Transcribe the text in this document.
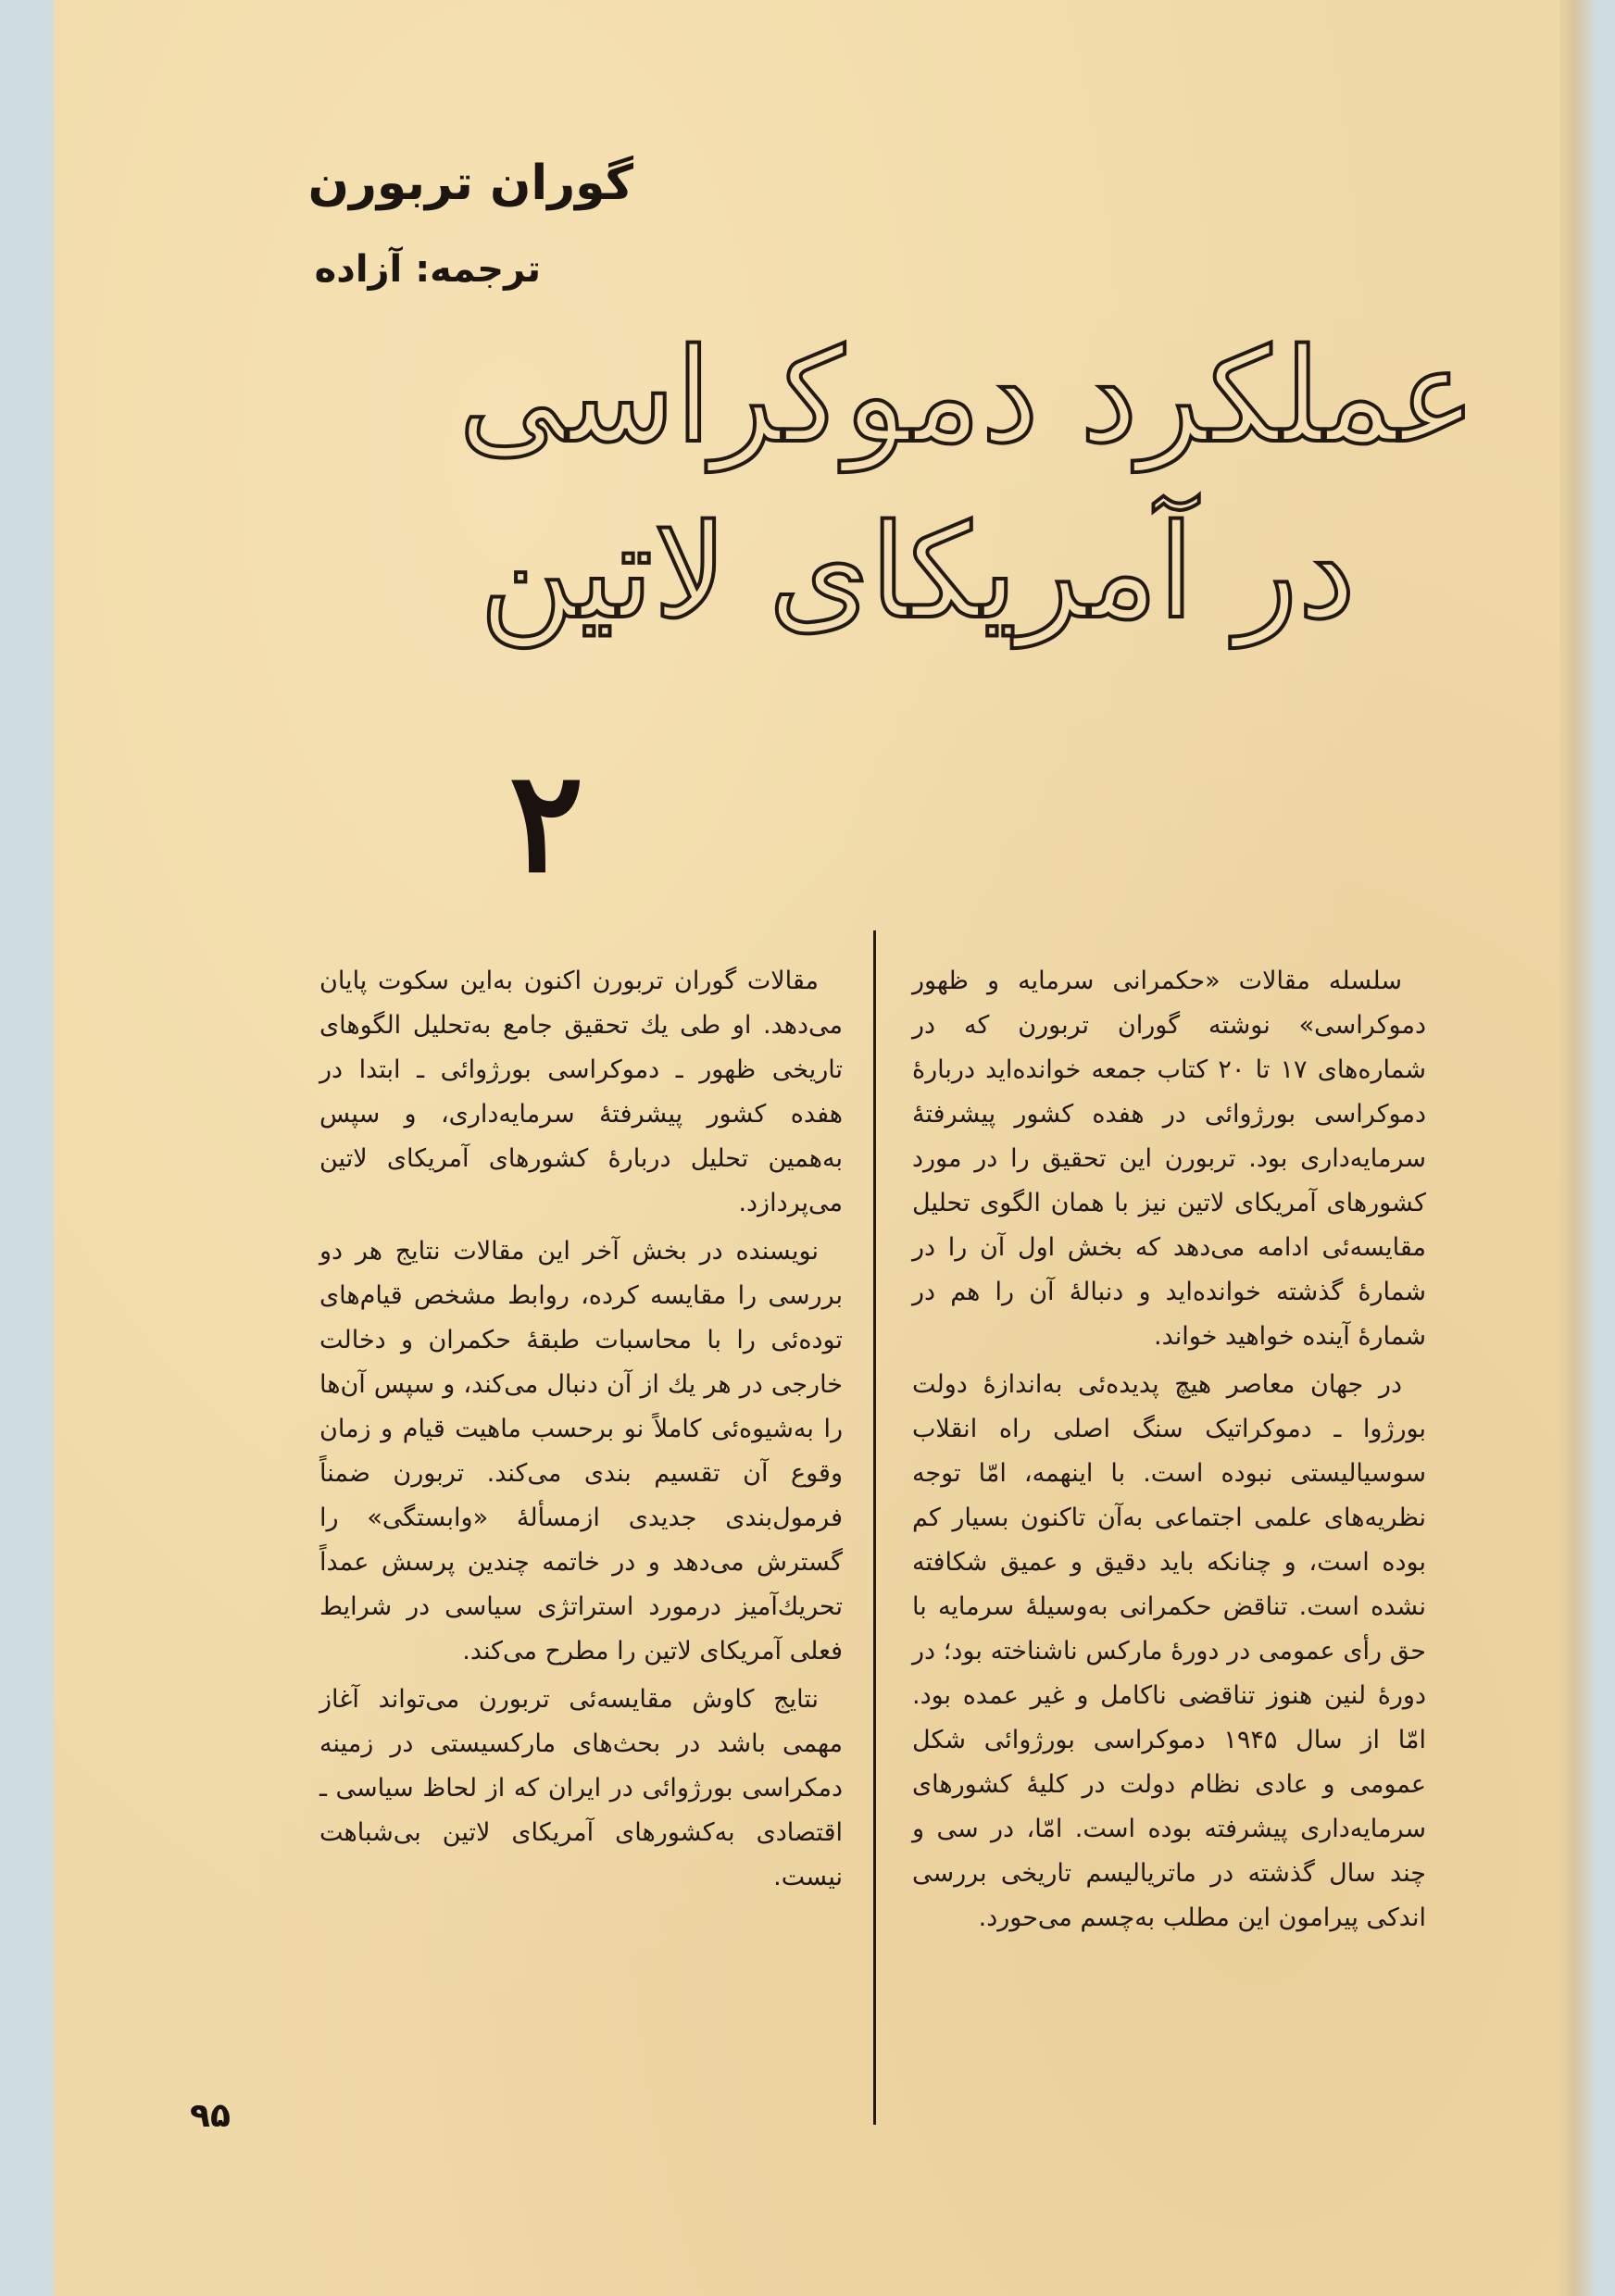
گوران تربورن
ترجمه: آزاده
عملکرد دموکراسی
در آمریکای لاتین
۲

سلسله مقالات «حکمرانی سرمایه و ظهور دموکراسی» نوشته گوران تربورن که در شماره‌های ۱۷ تا ۲۰ کتاب جمعه خوانده‌اید دربارهٔ دموکراسی بورژوائی در هفده کشور پیشرفتهٔ سرمایه‌داری بود. تربورن این تحقیق را در مورد کشورهای آمریکای لاتین نیز با همان الگوی تحلیل مقایسه‌ئی ادامه می‌دهد که بخش اول آن را در شمارهٔ گذشته خوانده‌اید و دنبالهٔ آن را هم در شمارهٔ آینده خواهید خواند.

در جهان معاصر هیچ پدیده‌ئی به‌اندازهٔ دولت بورژوا ـ دموکراتیک سنگ اصلی راه انقلاب سوسیالیستی نبوده است. با اینهمه، امّا توجه نظریه‌های علمی اجتماعی به‌آن تاکنون بسیار کم بوده است، و چنانکه باید دقیق و عمیق شکافته نشده است. تناقض حکمرانی به‌وسیلهٔ سرمایه با حق رأی عمومی در دورهٔ مارکس ناشناخته بود؛ در دورهٔ لنین هنوز تناقضی ناکامل و غیر عمده بود. امّا از سال ۱۹۴۵ دموکراسی بورژوائی شکل عمومی و عادی نظام دولت در کلیهٔ کشورهای سرمایه‌داری پیشرفته بوده است. امّا، در سی و چند سال گذشته در ماتریالیسم تاریخی بررسی اندکی پیرامون این مطلب به‌چسم می‌حورد.

مقالات گوران تربورن اکنون به‌این سکوت پایان می‌دهد. او طی یك تحقیق جامع به‌تحلیل الگوهای تاریخی ظهور ـ دموکراسی بورژوائی ـ ابتدا در هفده کشور پیشرفتهٔ سرمایه‌داری، و سپس به‌همین تحلیل دربارهٔ کشورهای آمریکای لاتین می‌پردازد.

نویسنده در بخش آخر این مقالات نتایج هر دو بررسی را مقایسه کرده، روابط مشخص قیام‌های توده‌ئی را با محاسبات طبقهٔ حکمران و دخالت خارجی در هر یك از آن دنبال می‌کند، و سپس آن‌ها را به‌شیوه‌ئی کاملاً نو برحسب ماهیت قیام و زمان وقوع آن تقسیم بندی می‌کند. تربورن ضمناً فرمول‌بندی جدیدی ازمسألهٔ «وابستگی» را گسترش می‌دهد و در خاتمه چندین پرسش عمداً تحریك‌آمیز درمورد استراتژی سیاسی در شرایط فعلی آمریکای لاتین را مطرح می‌کند.

نتایج کاوش مقایسه‌ئی تربورن می‌تواند آغاز مهمی باشد در بحث‌های مارکسیستی در زمینه دمکراسی بورژوائی در ایران که از لحاظ سیاسی ـ اقتصادی به‌کشورهای آمریکای لاتین بی‌شباهت نیست.

۹۵
